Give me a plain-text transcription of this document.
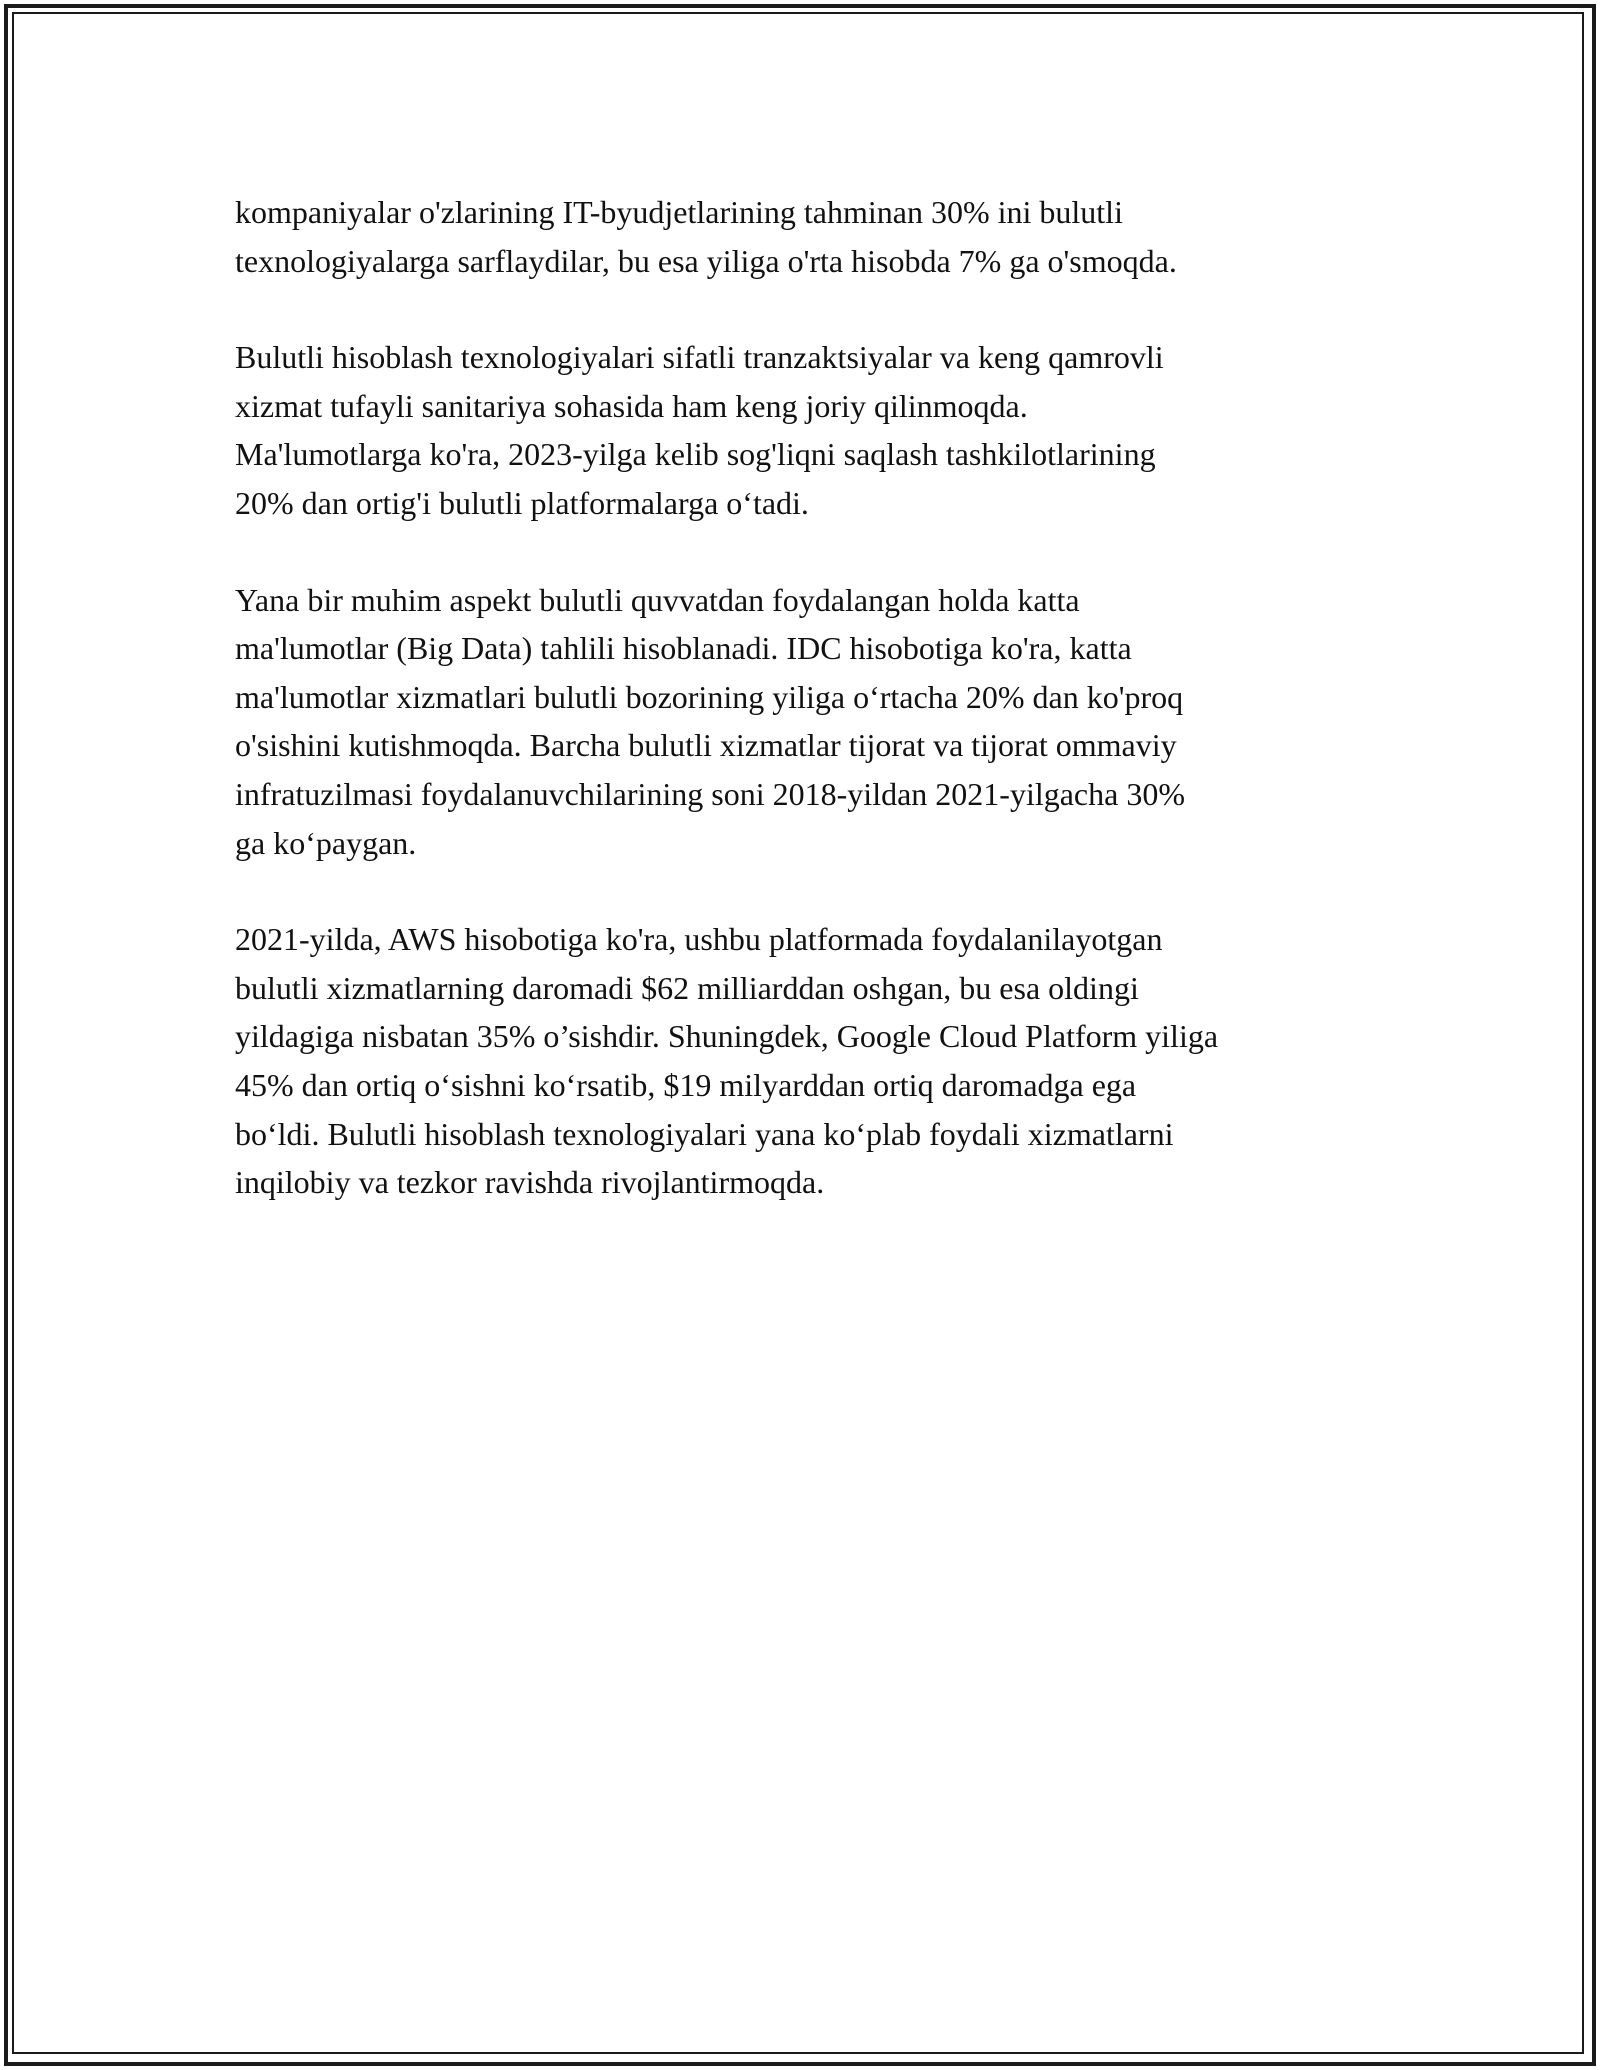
kompaniyalar o'zlarining IT-byudjetlarining tahminan 30% ini bulutli
texnologiyalarga sarflaydilar, bu esa yiliga o'rta hisobda 7% ga o'smoqda.

Bulutli hisoblash texnologiyalari sifatli tranzaktsiyalar va keng qamrovli
xizmat tufayli sanitariya sohasida ham keng joriy qilinmoqda.
Ma'lumotlarga ko'ra, 2023-yilga kelib sog'liqni saqlash tashkilotlarining
20% dan ortig'i bulutli platformalarga o‘tadi.

Yana bir muhim aspekt bulutli quvvatdan foydalangan holda katta
ma'lumotlar (Big Data) tahlili hisoblanadi. IDC hisobotiga ko'ra, katta
ma'lumotlar xizmatlari bulutli bozorining yiliga o‘rtacha 20% dan ko'proq
o'sishini kutishmoqda. Barcha bulutli xizmatlar tijorat va tijorat ommaviy
infratuzilmasi foydalanuvchilarining soni 2018-yildan 2021-yilgacha 30%
ga ko‘paygan.

2021-yilda, AWS hisobotiga ko'ra, ushbu platformada foydalanilayotgan
bulutli xizmatlarning daromadi $62 milliarddan oshgan, bu esa oldingi
yildagiga nisbatan 35% o’sishdir. Shuningdek, Google Cloud Platform yiliga
45% dan ortiq o‘sishni ko‘rsatib, $19 milyarddan ortiq daromadga ega
bo‘ldi. Bulutli hisoblash texnologiyalari yana ko‘plab foydali xizmatlarni
inqilobiy va tezkor ravishda rivojlantirmoqda.
